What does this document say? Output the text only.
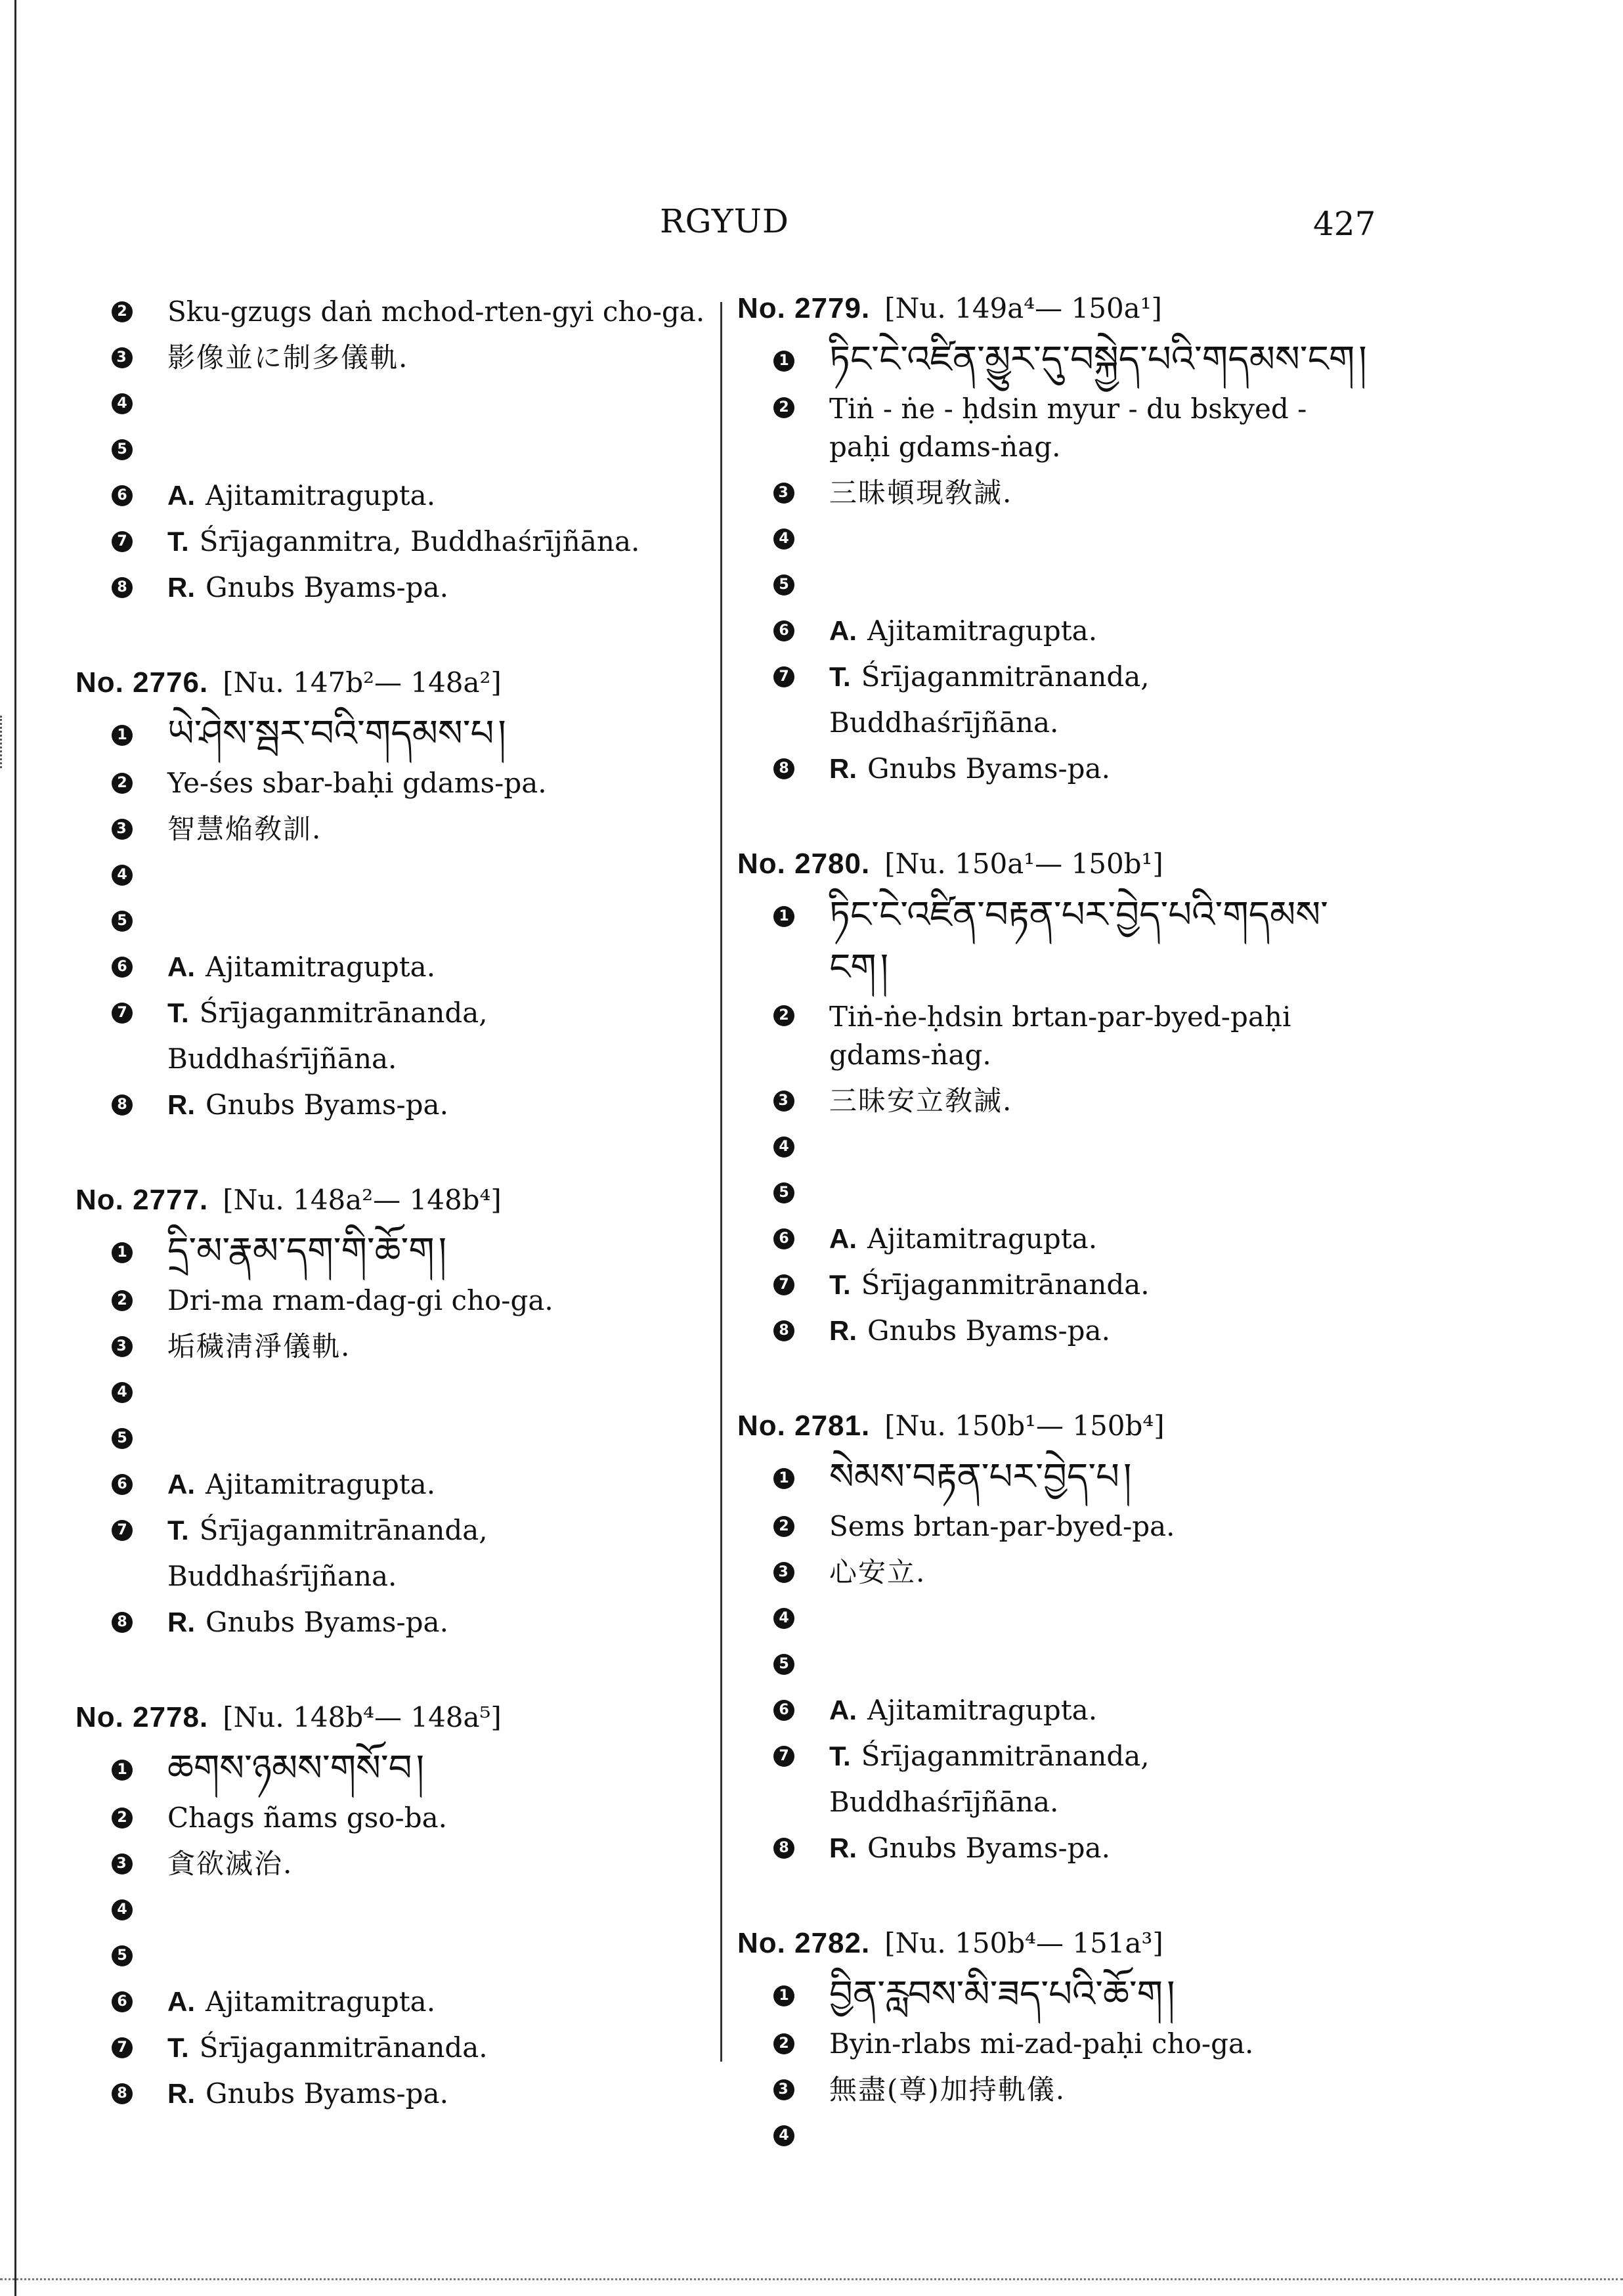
RGYUD	427
2 Sku-gzugs daṅ mchod-rten-gyi cho-ga.
3 影像並に制多儀軌.
4
5
6 A. Ajitamitragupta.
7 T. Śrījaganmitra, Buddhaśrījñāna.
8 R. Gnubs Byams-pa.
No. 2776. [Nu. 147b²— 148a²]
1 ཡེ་ཤེས་སྦར་བའི་གདམས་པ །
2 Ye-śes sbar-baḥi gdams-pa.
3 智慧焔敎訓.
4
5
6 A. Ajitamitragupta.
7 T. Śrījaganmitrānanda, Buddhaśrījñāna.
8 R. Gnubs Byams-pa.
No. 2777. [Nu. 148a²— 148b⁴]
1 དྲི་མ་རྣམ་དག་གི་ཆོ་ག །
2 Dri-ma rnam-dag-gi cho-ga.
3 垢穢淸淨儀軌.
4
5
6 A. Ajitamitragupta.
7 T. Śrījaganmitrānanda, Buddhaśrījñana.
8 R. Gnubs Byams-pa.
No. 2778. [Nu. 148b⁴— 148a⁵]
1 ཆགས་ཉམས་གསོ་བ །
2 Chags ñams gso-ba.
3 貪欲滅治.
4
5
6 A. Ajitamitragupta.
7 T. Śrījaganmitrānanda.
8 R. Gnubs Byams-pa.
No. 2779. [Nu. 149a⁴— 150a¹]
1 ཏིང་ངེ་འཛིན་མྱུར་དུ་བསྐྱེད་པའི་གདམས་ངག །
2 Tiṅ - ṅe - ḥdsin myur - du bskyed - paḥi gdams-ṅag.
3 三昧頓現敎誡.
4
5
6 A. Ajitamitragupta.
7 T. Śrījaganmitrānanda, Buddhaśrījñāna.
8 R. Gnubs Byams-pa.
No. 2780. [Nu. 150a¹— 150b¹]
1 ཏིང་ངེ་འཛིན་བརྟན་པར་བྱེད་པའི་གདམས་ངག །
2 Tiṅ-ṅe-ḥdsin brtan-par-byed-paḥi gdams-ṅag.
3 三昧安立敎誡.
4
5
6 A. Ajitamitragupta.
7 T. Śrījaganmitrānanda.
8 R. Gnubs Byams-pa.
No. 2781. [Nu. 150b¹— 150b⁴]
1 སེམས་བརྟན་པར་བྱེད་པ །
2 Sems brtan-par-byed-pa.
3 心安立.
4
5
6 A. Ajitamitragupta.
7 T. Śrījaganmitrānanda, Buddhaśrījñāna.
8 R. Gnubs Byams-pa.
No. 2782. [Nu. 150b⁴— 151a³]
1 བྱིན་རླབས་མི་ཟད་པའི་ཆོ་ག །
2 Byin-rlabs mi-zad-paḥi cho-ga.
3 無盡(尊)加持軌儀.
4
